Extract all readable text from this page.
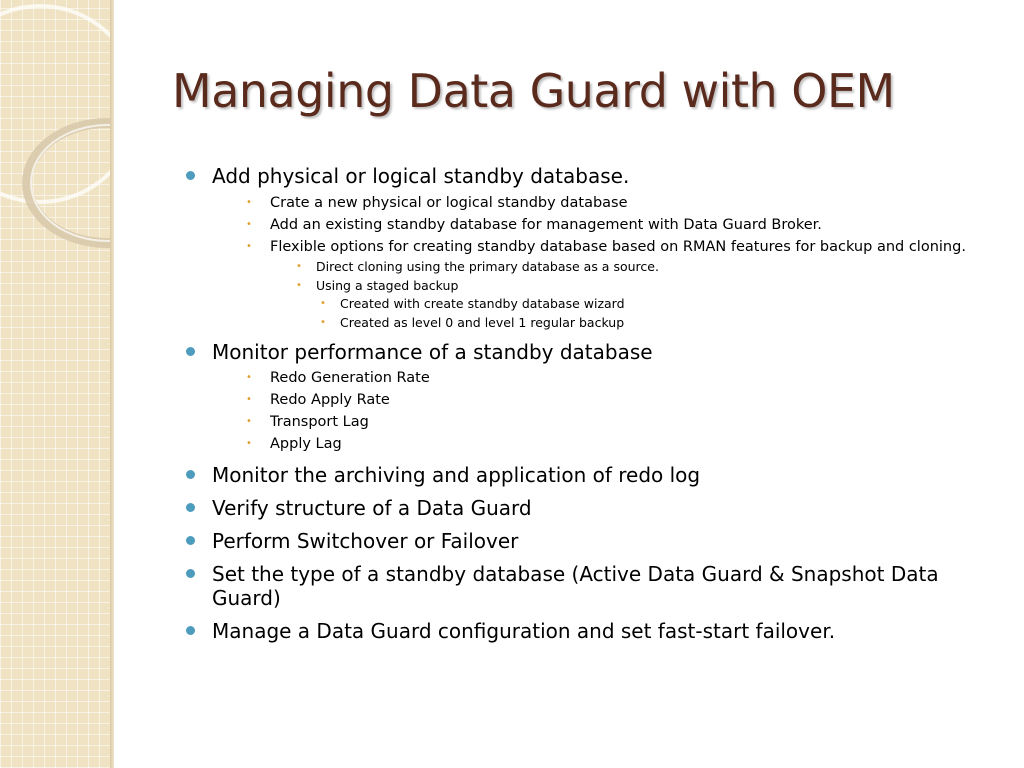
Managing Data Guard with OEM
Add physical or logical standby database.
• Crate a new physical or logical standby database
• Add an existing standby database for management with Data Guard Broker.
• Flexible options for creating standby database based on RMAN features for backup and cloning.
• Direct cloning using the primary database as a source.
• Using a staged backup
• Created with create standby database wizard
• Created as level 0 and level 1 regular backup
Monitor performance of a standby database
• Redo Generation Rate
• Redo Apply Rate
• Transport Lag
• Apply Lag
Monitor the archiving and application of redo log
Verify structure of a Data Guard
Perform Switchover or Failover
Set the type of a standby database (Active Data Guard & Snapshot Data Guard)
Manage a Data Guard configuration and set fast-start failover.
